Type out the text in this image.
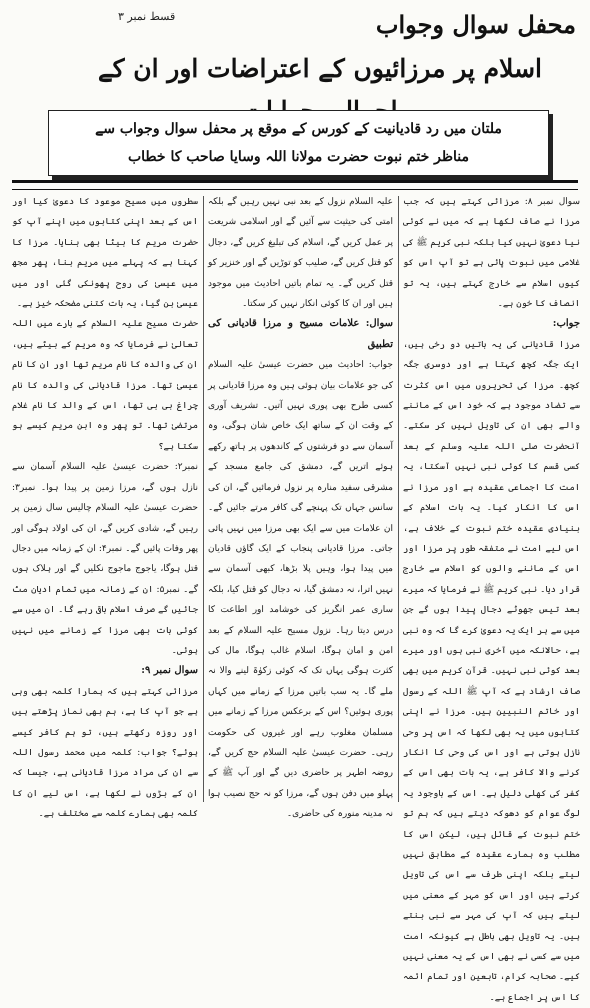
قسط نمبر ۳	محفل سوال وجواب
اسلام پر مرزائیوں کے اعتراضات اور ان کے
ملتان میں رد قادیانیت کے کورس کے موقع پر محفل سوال وجواب سے
مناظر ختم نبوت حضرت مولانا اللہ وسایا صاحب کا خطاب

سوال نمبر ۸: مرزائی کہتے ہیں کہ جب مرزا نے صاف لکھا ہے کہ میں نے کوئی نیا دعویٰ نہیں کیا بلکہ نبی کریم ﷺ کی غلامی میں نبوت پائی ہے تو آپ اس کو کیوں اسلام سے خارج کہتے ہیں، یہ تو انصاف کا خون ہے۔

جواب:

مرزا قادیانی کی یہ باتیں دو رخی ہیں، ایک جگہ کچھ کہتا ہے اور دوسری جگہ کچھ۔ مرزا کی تحریروں میں اس کثرت سے تضاد موجود ہے کہ خود اس کے ماننے والے بھی ان کی تاویل نہیں کر سکتے۔ آنحضرت صلی اللہ علیہ وسلم کے بعد کسی قسم کا کوئی نبی نہیں آسکتا، یہ امت کا اجماعی عقیدہ ہے اور مرزا نے اس کا انکار کیا۔ یہ بات اسلام کے بنیادی عقیدہ ختم نبوت کے خلاف ہے، اس لیے امت نے متفقہ طور پر مرزا اور اس کے ماننے والوں کو اسلام سے خارج قرار دیا۔ نبی کریم ﷺ نے فرمایا کہ میرے بعد تیس جھوٹے دجال پیدا ہوں گے جن میں سے ہر ایک یہ دعویٰ کرے گا کہ وہ نبی ہے، حالانکہ میں آخری نبی ہوں اور میرے بعد کوئی نبی نہیں۔ قرآن کریم میں بھی صاف ارشاد ہے کہ آپ ﷺ اللہ کے رسول اور خاتم النبیین ہیں۔ مرزا نے اپنی کتابوں میں یہ بھی لکھا کہ اس پر وحی نازل ہوتی ہے اور اس کی وحی کا انکار کرنے والا کافر ہے، یہ بات بھی اس کے کفر کی کھلی دلیل ہے۔ اس کے باوجود یہ لوگ عوام کو دھوکہ دیتے ہیں کہ ہم تو ختم نبوت کے قائل ہیں، لیکن اس کا مطلب وہ ہمارے عقیدہ کے مطابق نہیں لیتے بلکہ اپنی طرف سے اس کی تاویل کرتے ہیں اور اس کو مہر کے معنی میں لیتے ہیں کہ آپ کی مہر سے نبی بنتے ہیں۔ یہ تاویل بھی باطل ہے کیونکہ امت میں سے کسی نے بھی اس کے یہ معنی نہیں کیے۔ صحابہ کرام، تابعین اور تمام ائمہ کا اس پر اجماع ہے۔

علیہ السلام نزول کے بعد نبی نہیں رہیں گے بلکہ امتی کی حیثیت سے آئیں گے اور اسلامی شریعت پر عمل کریں گے، اسلام کی تبلیغ کریں گے، دجال کو قتل کریں گے، صلیب کو توڑیں گے اور خنزیر کو قتل کریں گے۔ یہ تمام باتیں احادیث میں موجود ہیں اور ان کا کوئی انکار نہیں کر سکتا۔

سوال: علامات مسیح و مرزا قادیانی کی تطبیق

جواب: احادیث میں حضرت عیسیٰ علیہ السلام کی جو علامات بیان ہوئی ہیں وہ مرزا قادیانی پر کسی طرح بھی پوری نہیں آتیں۔ تشریف آوری کے وقت ان کے ساتھ ایک خاص شان ہوگی، وہ آسمان سے دو فرشتوں کے کاندھوں پر ہاتھ رکھے ہوئے اتریں گے، دمشق کی جامع مسجد کے مشرقی سفید منارہ پر نزول فرمائیں گے، ان کی سانس جہاں تک پہنچے گی کافر مرتے جائیں گے۔ ان علامات میں سے ایک بھی مرزا میں نہیں پائی جاتی۔ مرزا قادیانی پنجاب کے ایک گاؤں قادیان میں پیدا ہوا، وہیں پلا بڑھا، کبھی آسمان سے نہیں اترا، نہ دمشق گیا، نہ دجال کو قتل کیا، بلکہ ساری عمر انگریز کی خوشامد اور اطاعت کا درس دیتا رہا۔ نزول مسیح علیہ السلام کے بعد امن و امان ہوگا، اسلام غالب ہوگا، مال کی کثرت ہوگی یہاں تک کہ کوئی زکوٰۃ لینے والا نہ ملے گا۔ یہ سب باتیں مرزا کے زمانے میں کہاں پوری ہوئیں؟ اس کے برعکس مرزا کے زمانے میں مسلمان مغلوب رہے اور غیروں کی حکومت رہی۔ حضرت عیسیٰ علیہ السلام حج کریں گے، روضہ اطہر پر حاضری دیں گے اور آپ ﷺ کے پہلو میں دفن ہوں گے، مرزا کو نہ حج نصیب ہوا نہ مدینہ منورہ کی حاضری۔

سطروں میں مسیح موعود کا دعویٰ کیا اور اس کے بعد اپنی کتابوں میں اپنے آپ کو حضرت مریم کا بیٹا بھی بنایا۔ مرزا کا کہنا ہے کہ پہلے میں مریم بنا، پھر مجھ میں عیسیٰ کی روح پھونکی گئی اور میں عیسیٰ بن گیا، یہ بات کتنی مضحکہ خیز ہے۔

حضرت مسیح علیہ السلام کے بارے میں اللہ تعالیٰ نے فرمایا کہ وہ مریم کے بیٹے ہیں، ان کی والدہ کا نام مریم تھا اور ان کا نام عیسیٰ تھا۔ مرزا قادیانی کی والدہ کا نام چراغ بی بی تھا، اس کے والد کا نام غلام مرتضیٰ تھا۔ تو پھر وہ ابن مریم کیسے ہو سکتا ہے؟

نمبر۲: حضرت عیسیٰ علیہ السلام آسمان سے نازل ہوں گے، مرزا زمین پر پیدا ہوا۔ نمبر۳: حضرت عیسیٰ علیہ السلام چالیس سال زمین پر رہیں گے، شادی کریں گے، ان کی اولاد ہوگی اور پھر وفات پائیں گے۔ نمبر۴: ان کے زمانہ میں دجال قتل ہوگا، یاجوج ماجوج نکلیں گے اور ہلاک ہوں گے۔ نمبر۵: ان کے زمانہ میں تمام ادیان مٹ جائیں گے صرف اسلام باقی رہے گا۔ ان میں سے کوئی بات بھی مرزا کے زمانے میں نہیں ہوئی۔

سوال نمبر ۹:

مرزائی کہتے ہیں کہ ہمارا کلمہ بھی وہی ہے جو آپ کا ہے، ہم بھی نماز پڑھتے ہیں اور روزہ رکھتے ہیں، تو ہم کافر کیسے ہوئے؟ جواب: کلمہ میں محمد رسول اللہ سے ان کی مراد مرزا قادیانی ہے، جیسا کہ ان کے بڑوں نے لکھا ہے، اس لیے ان کا کلمہ بھی ہمارے کلمہ سے مختلف ہے۔
